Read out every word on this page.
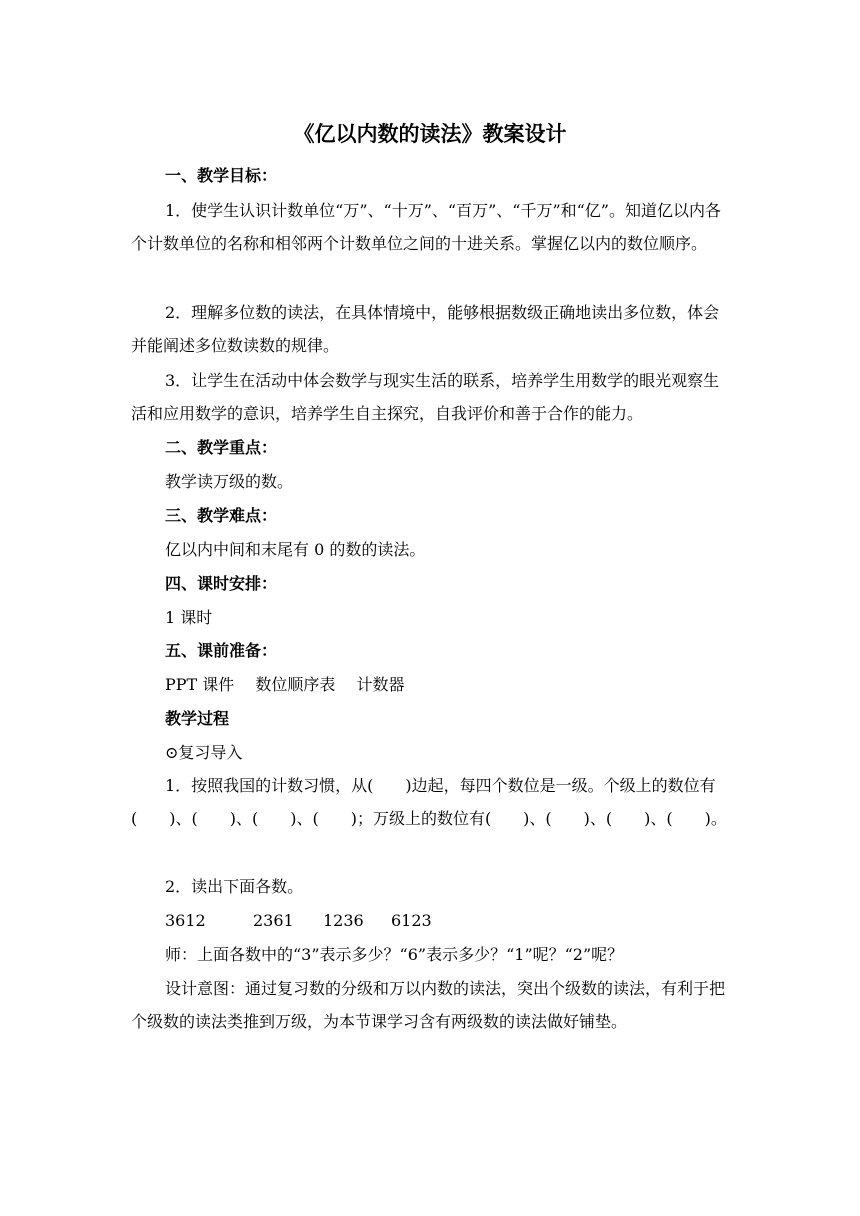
《亿以内数的读法》教案设计
一、教学目标：
1．使学生认识计数单位“万”、“十万”、“百万”、“千万”和“亿”。知道亿以内各个计数单位的名称和相邻两个计数单位之间的十进关系。掌握亿以内的数位顺序。
2．理解多位数的读法，在具体情境中，能够根据数级正确地读出多位数，体会并能阐述多位数读数的规律。
3．让学生在活动中体会数学与现实生活的联系，培养学生用数学的眼光观察生活和应用数学的意识，培养学生自主探究，自我评价和善于合作的能力。
二、教学重点：
教学读万级的数。
三、教学难点：
亿以内中间和末尾有 0 的数的读法。
四、课时安排：
1 课时
五、课前准备：
PPT 课件　 数位顺序表　 计数器
教学过程
⊙复习导入
1．按照我国的计数习惯，从(　　)边起，每四个数位是一级。个级上的数位有(　　)、(　　)、(　　)、(　　)；万级上的数位有(　　)、(　　)、(　　)、(　　)。
2．读出下面各数。
3612	2361 1236 6123
师：上面各数中的“3”表示多少？“6”表示多少？“1”呢？“2”呢？
设计意图：通过复习数的分级和万以内数的读法，突出个级数的读法，有利于把个级数的读法类推到万级，为本节课学习含有两级数的读法做好铺垫。
